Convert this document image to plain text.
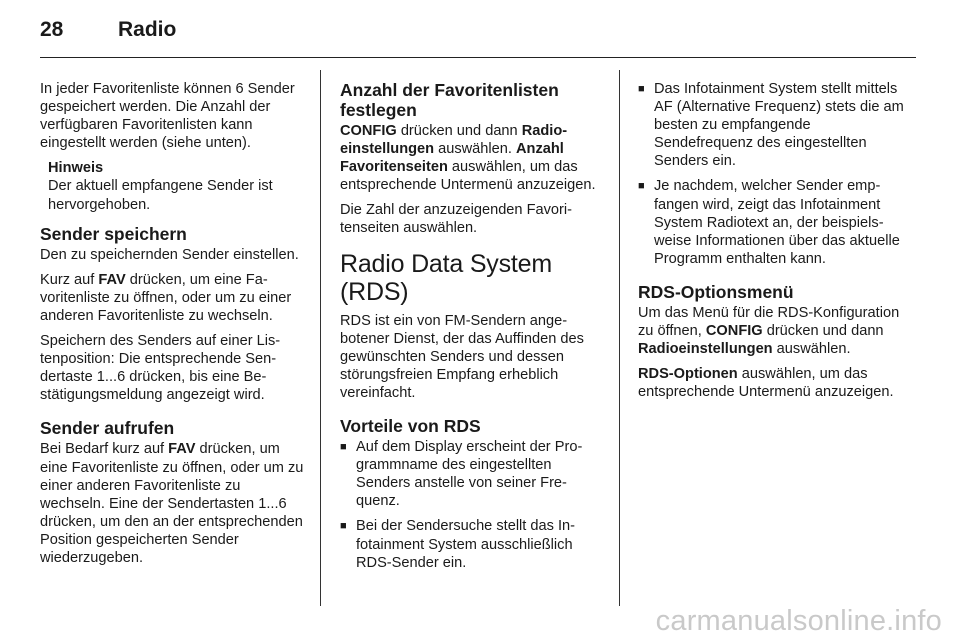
28	Radio

In jeder Favoritenliste können 6 Sender gespeichert werden. Die Anzahl der verfügbaren Favoritenlisten kann eingestellt werden (siehe unten).

Hinweis
Der aktuell empfangene Sender ist hervorgehoben.
Sender speichern

Den zu speichernden Sender einstellen.

Kurz auf FAV drücken, um eine Favoritenliste zu öffnen, oder um zu einer anderen Favoritenliste zu wechseln.

Speichern des Senders auf einer Listenposition: Die entsprechende Sendertaste 1...6 drücken, bis eine Bestätigungsmeldung angezeigt wird.

Sender aufrufen

Bei Bedarf kurz auf FAV drücken, um eine Favoritenliste zu öffnen, oder um zu einer anderen Favoritenliste zu wechseln. Eine der Sendertasten 1...6 drücken, um den an der entsprechenden Position gespeicherten Sender wiederzugeben.

Anzahl der Favoritenlisten festlegen

CONFIG drücken und dann Radioeinstellungen auswählen. Anzahl Favoritenseiten auswählen, um das entsprechende Untermenü anzuzeigen.

Die Zahl der anzuzeigenden Favoritenseiten auswählen.

Radio Data System (RDS)

RDS ist ein von FM-Sendern angebotener Dienst, der das Auffinden des gewünschten Senders und dessen störungsfreien Empfang erheblich vereinfacht.

Vorteile von RDS
■ Auf dem Display erscheint der Programmname des eingestellten Senders anstelle von seiner Frequenz.
■ Bei der Sendersuche stellt das Infotainment System ausschließlich RDS-Sender ein.
■ Das Infotainment System stellt mittels AF (Alternative Frequenz) stets die am besten zu empfangende Sendefrequenz des eingestellten Senders ein.
■ Je nachdem, welcher Sender empfangen wird, zeigt das Infotainment System Radiotext an, der beispielsweise Informationen über das aktuelle Programm enthalten kann.
RDS-Optionsmenü

Um das Menü für die RDS-Konfiguration zu öffnen, CONFIG drücken und dann Radioeinstellungen auswählen.

RDS-Optionen auswählen, um das entsprechende Untermenü anzuzeigen.

carmanualsonline.info
